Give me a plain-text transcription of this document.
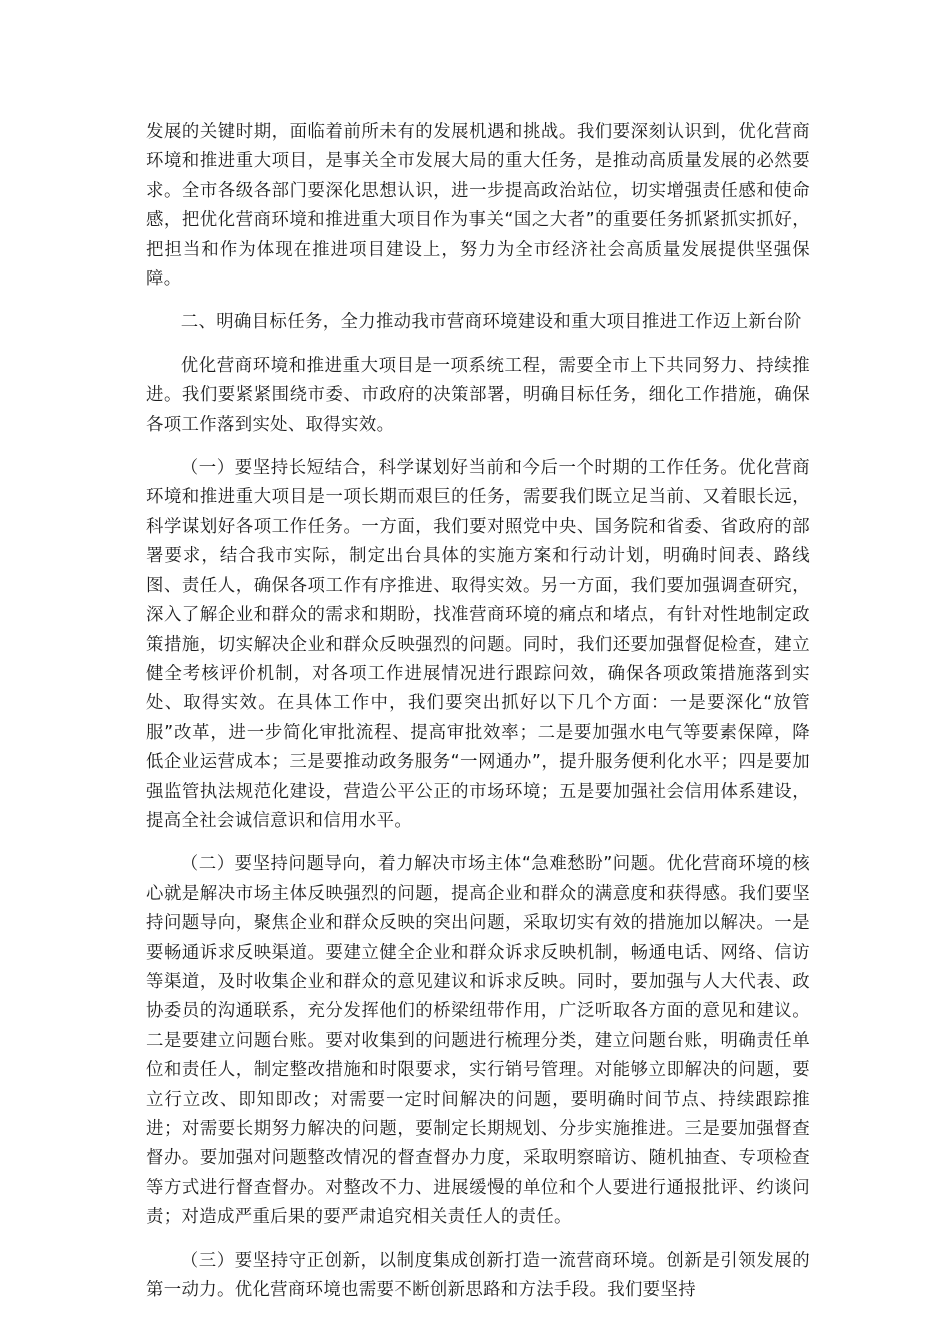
发展的关键时期，面临着前所未有的发展机遇和挑战。我们要深刻认识到，优化营商环境和推进重大项目，是事关全市发展大局的重大任务，是推动高质量发展的必然要求。全市各级各部门要深化思想认识，进一步提高政治站位，切实增强责任感和使命感，把优化营商环境和推进重大项目作为事关“国之大者”的重要任务抓紧抓实抓好，把担当和作为体现在推进项目建设上，努力为全市经济社会高质量发展提供坚强保障。

二、明确目标任务，全力推动我市营商环境建设和重大项目推进工作迈上新台阶

优化营商环境和推进重大项目是一项系统工程，需要全市上下共同努力、持续推进。我们要紧紧围绕市委、市政府的决策部署，明确目标任务，细化工作措施，确保各项工作落到实处、取得实效。

（一）要坚持长短结合，科学谋划好当前和今后一个时期的工作任务。优化营商环境和推进重大项目是一项长期而艰巨的任务，需要我们既立足当前、又着眼长远，科学谋划好各项工作任务。一方面，我们要对照党中央、国务院和省委、省政府的部署要求，结合我市实际，制定出台具体的实施方案和行动计划，明确时间表、路线图、责任人，确保各项工作有序推进、取得实效。另一方面，我们要加强调查研究，深入了解企业和群众的需求和期盼，找准营商环境的痛点和堵点，有针对性地制定政策措施，切实解决企业和群众反映强烈的问题。同时，我们还要加强督促检查，建立健全考核评价机制，对各项工作进展情况进行跟踪问效，确保各项政策措施落到实处、取得实效。在具体工作中，我们要突出抓好以下几个方面：一是要深化“放管服”改革，进一步简化审批流程、提高审批效率；二是要加强水电气等要素保障，降低企业运营成本；三是要推动政务服务“一网通办”，提升服务便利化水平；四是要加强监管执法规范化建设，营造公平公正的市场环境；五是要加强社会信用体系建设，提高全社会诚信意识和信用水平。

（二）要坚持问题导向，着力解决市场主体“急难愁盼”问题。优化营商环境的核心就是解决市场主体反映强烈的问题，提高企业和群众的满意度和获得感。我们要坚持问题导向，聚焦企业和群众反映的突出问题，采取切实有效的措施加以解决。一是要畅通诉求反映渠道。要建立健全企业和群众诉求反映机制，畅通电话、网络、信访等渠道，及时收集企业和群众的意见建议和诉求反映。同时，要加强与人大代表、政协委员的沟通联系，充分发挥他们的桥梁纽带作用，广泛听取各方面的意见和建议。二是要建立问题台账。要对收集到的问题进行梳理分类，建立问题台账，明确责任单位和责任人，制定整改措施和时限要求，实行销号管理。对能够立即解决的问题，要立行立改、即知即改；对需要一定时间解决的问题，要明确时间节点、持续跟踪推进；对需要长期努力解决的问题，要制定长期规划、分步实施推进。三是要加强督查督办。要加强对问题整改情况的督查督办力度，采取明察暗访、随机抽查、专项检查等方式进行督查督办。对整改不力、进展缓慢的单位和个人要进行通报批评、约谈问责；对造成严重后果的要严肃追究相关责任人的责任。

（三）要坚持守正创新，以制度集成创新打造一流营商环境。创新是引领发展的第一动力。优化营商环境也需要不断创新思路和方法手段。我们要坚持
